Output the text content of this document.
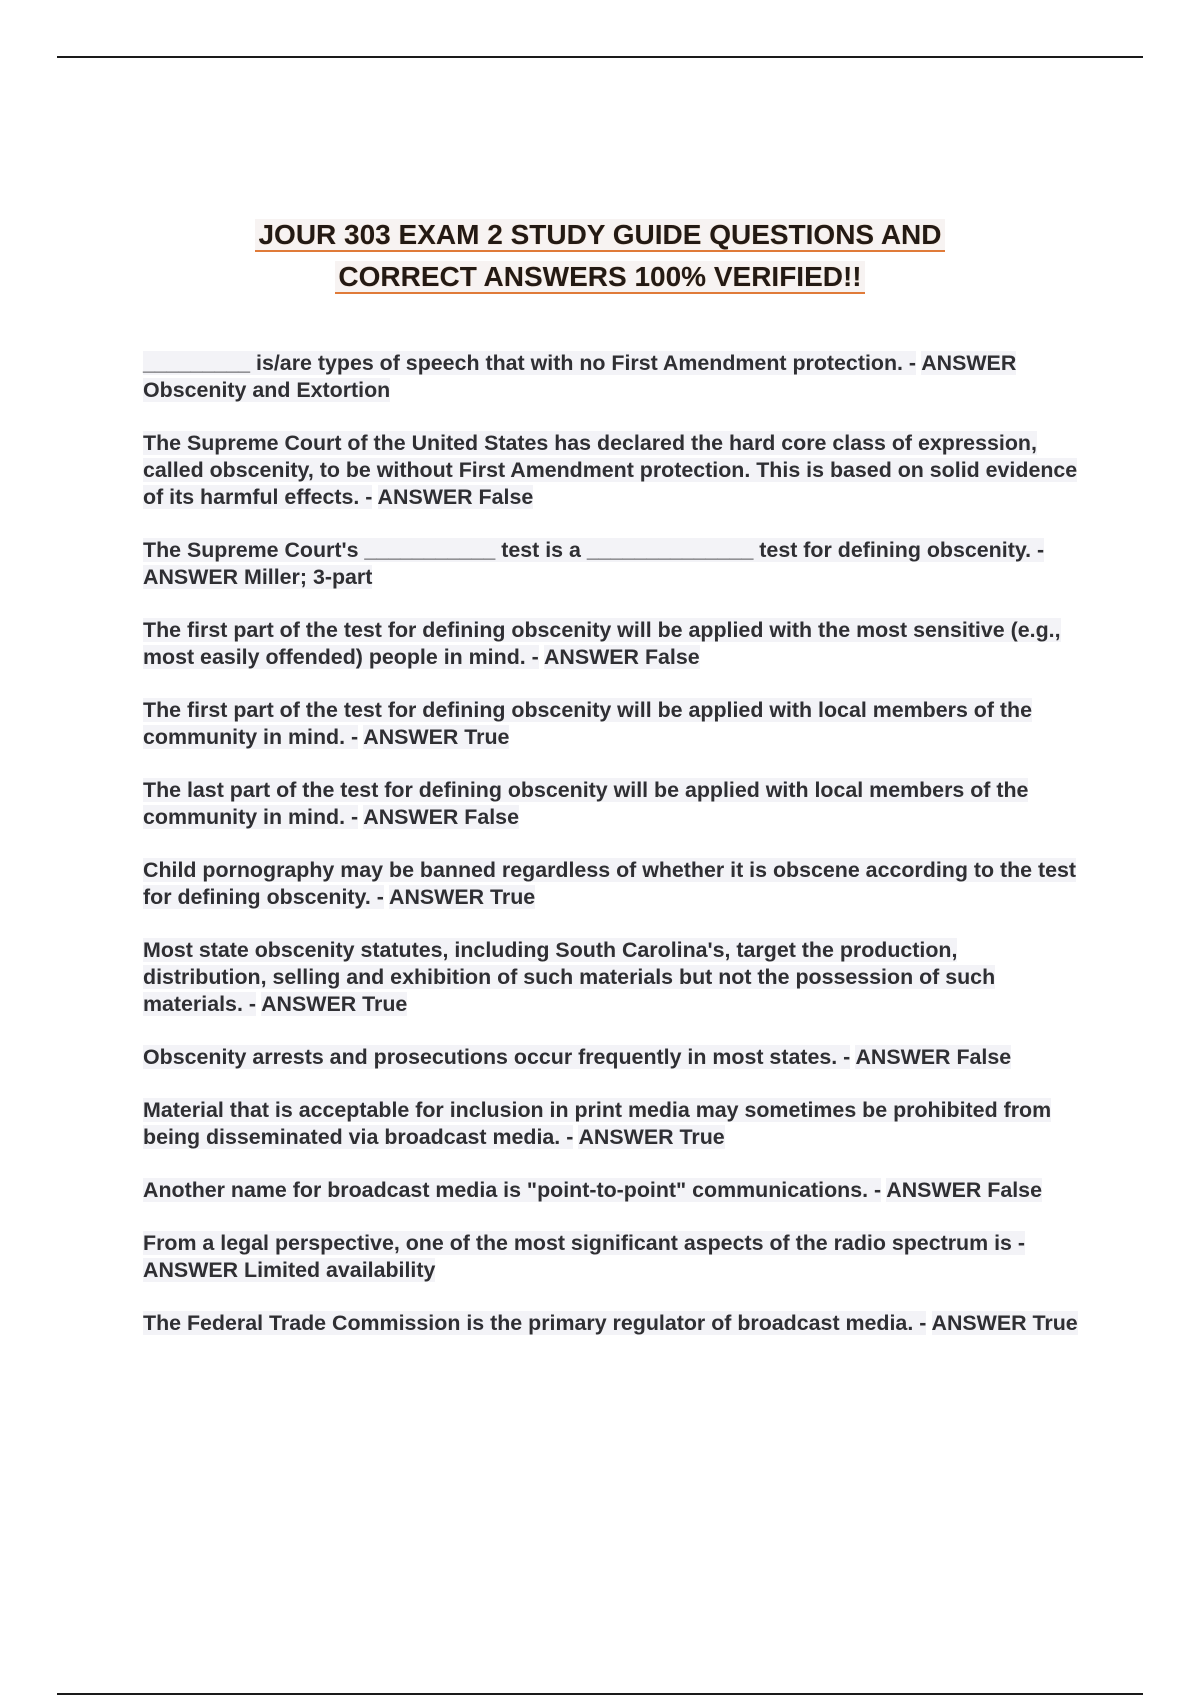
JOUR 303 EXAM 2 STUDY GUIDE QUESTIONS AND
CORRECT ANSWERS 100% VERIFIED!!
_________ is/are types of speech that with no First Amendment protection. - ANSWER Obscenity and Extortion
The Supreme Court of the United States has declared the hard core class of expression, called obscenity, to be without First Amendment protection. This is based on solid evidence of its harmful effects. - ANSWER False
The Supreme Court's ___________ test is a ______________ test for defining obscenity. - ANSWER Miller; 3-part
The first part of the test for defining obscenity will be applied with the most sensitive (e.g., most easily offended) people in mind. - ANSWER False
The first part of the test for defining obscenity will be applied with local members of the community in mind. - ANSWER True
The last part of the test for defining obscenity will be applied with local members of the community in mind. - ANSWER False
Child pornography may be banned regardless of whether it is obscene according to the test for defining obscenity. - ANSWER True
Most state obscenity statutes, including South Carolina's, target the production, distribution, selling and exhibition of such materials but not the possession of such materials. - ANSWER True
Obscenity arrests and prosecutions occur frequently in most states. - ANSWER False
Material that is acceptable for inclusion in print media may sometimes be prohibited from being disseminated via broadcast media. - ANSWER True
Another name for broadcast media is "point-to-point" communications. - ANSWER False
From a legal perspective, one of the most significant aspects of the radio spectrum is - ANSWER Limited availability
The Federal Trade Commission is the primary regulator of broadcast media. - ANSWER True
